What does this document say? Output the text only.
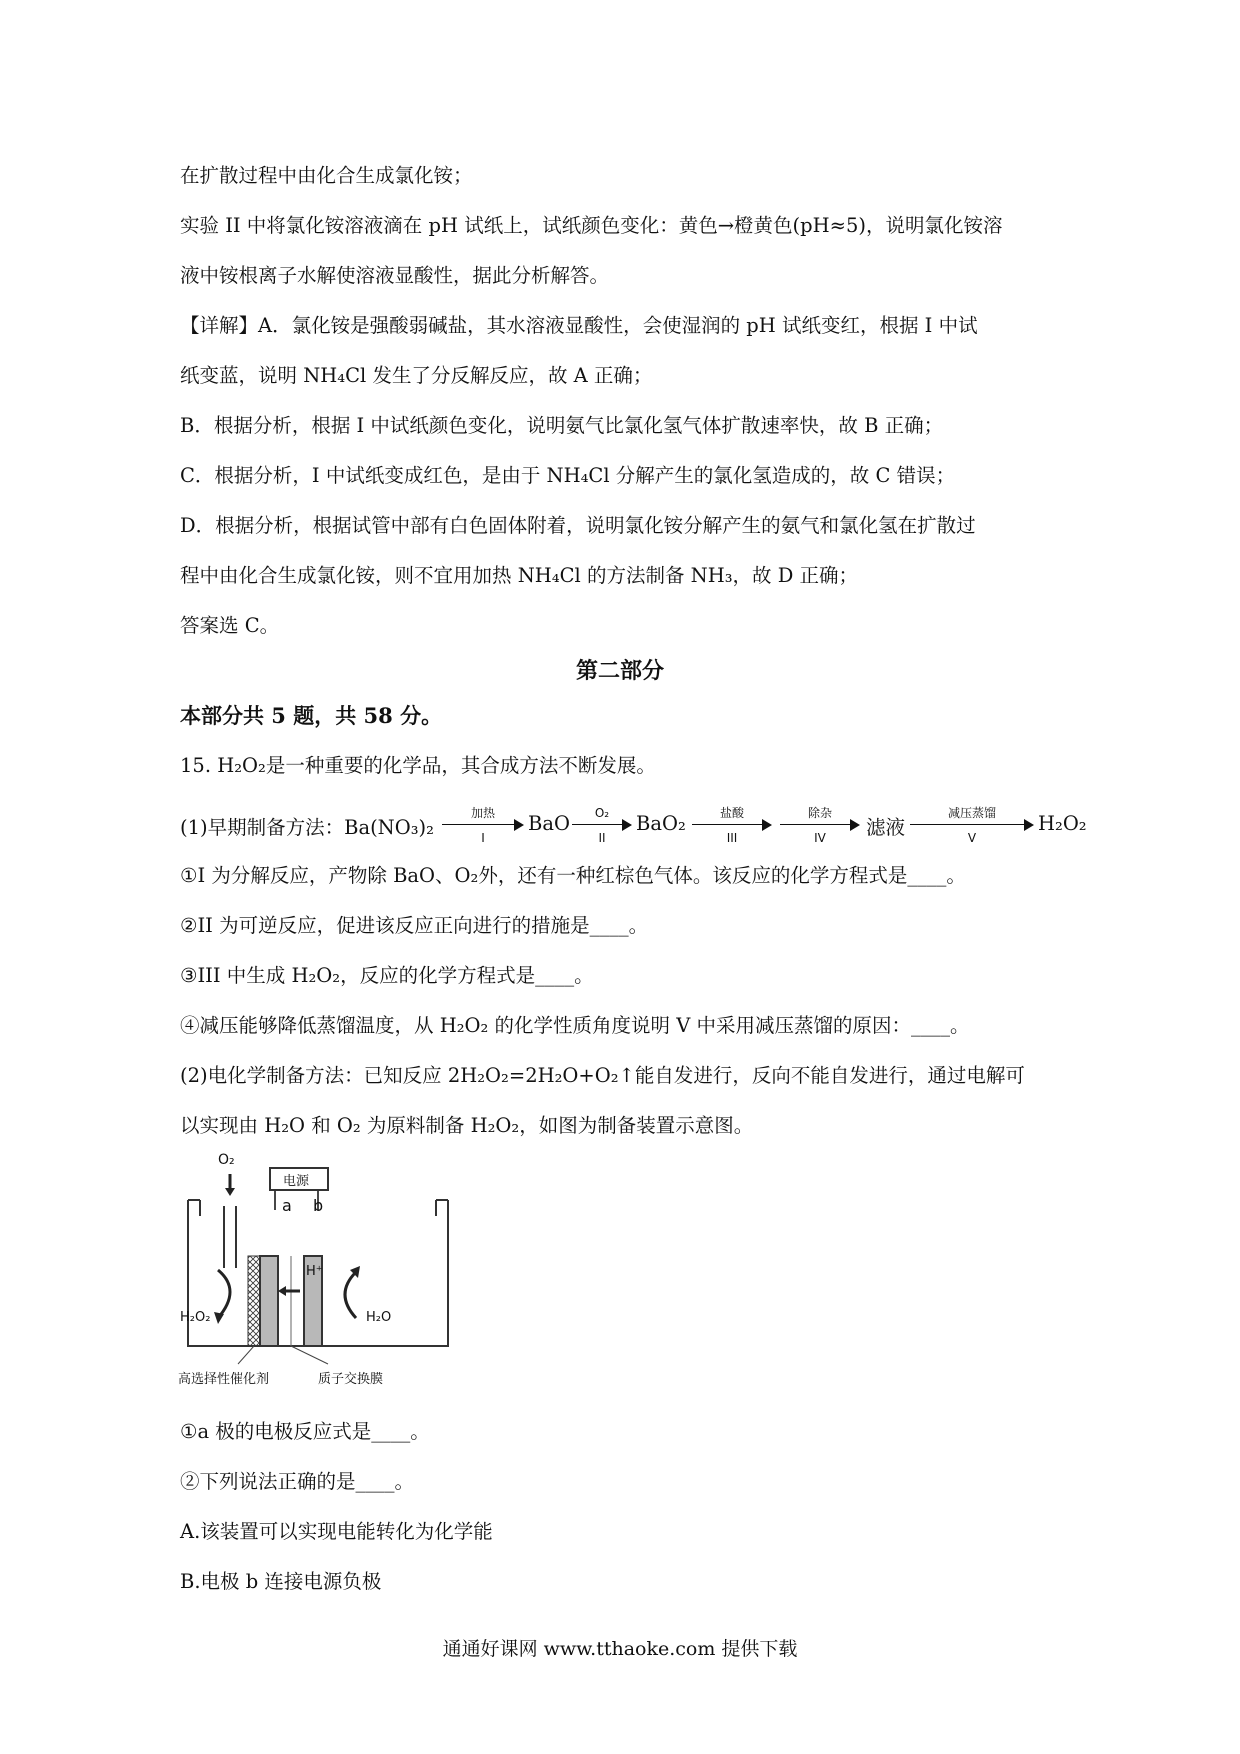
在扩散过程中由化合生成氯化铵；
实验 II 中将氯化铵溶液滴在 pH 试纸上，试纸颜色变化：黄色→橙黄色(pH≈5)，说明氯化铵溶
液中铵根离子水解使溶液显酸性，据此分析解答。
【详解】A．氯化铵是强酸弱碱盐，其水溶液显酸性，会使湿润的 pH 试纸变红，根据 I 中试
纸变蓝，说明 NH₄Cl 发生了分反解反应，故 A 正确；
B．根据分析，根据 I 中试纸颜色变化，说明氨气比氯化氢气体扩散速率快，故 B 正确；
C．根据分析，I 中试纸变成红色，是由于 NH₄Cl 分解产生的氯化氢造成的，故 C 错误；
D．根据分析，根据试管中部有白色固体附着，说明氯化铵分解产生的氨气和氯化氢在扩散过
程中由化合生成氯化铵，则不宜用加热 NH₄Cl 的方法制备 NH₃，故 D 正确；
答案选 C。
第二部分
本部分共 5 题，共 58 分。
15. H₂O₂是一种重要的化学品，其合成方法不断发展。
(1)早期制备方法：Ba(NO₃)₂
加热
I
BaO	O₂
II
BaO₂	盐酸
III
除杂
IV	滤液
减压蒸馏
V
H₂O₂
①I 为分解反应，产物除 BaO、O₂外，还有一种红棕色气体。该反应的化学方程式是____。
②II 为可逆反应，促进该反应正向进行的措施是____。
③III 中生成 H₂O₂，反应的化学方程式是____。
④减压能够降低蒸馏温度，从 H₂O₂ 的化学性质角度说明 V 中采用减压蒸馏的原因：____。
(2)电化学制备方法：已知反应 2H₂O₂=2H₂O+O₂↑能自发进行，反向不能自发进行，通过电解可
以实现由 H₂O 和 O₂ 为原料制备 H₂O₂，如图为制备装置示意图。
O₂
电源
a b
H⁺
H₂O₂	H₂O
高选择性催化剂	质子交换膜
①a 极的电极反应式是____。
②下列说法正确的是____。
A.该装置可以实现电能转化为化学能
B.电极 b 连接电源负极
通通好课网 www.tthaoke.com 提供下载
